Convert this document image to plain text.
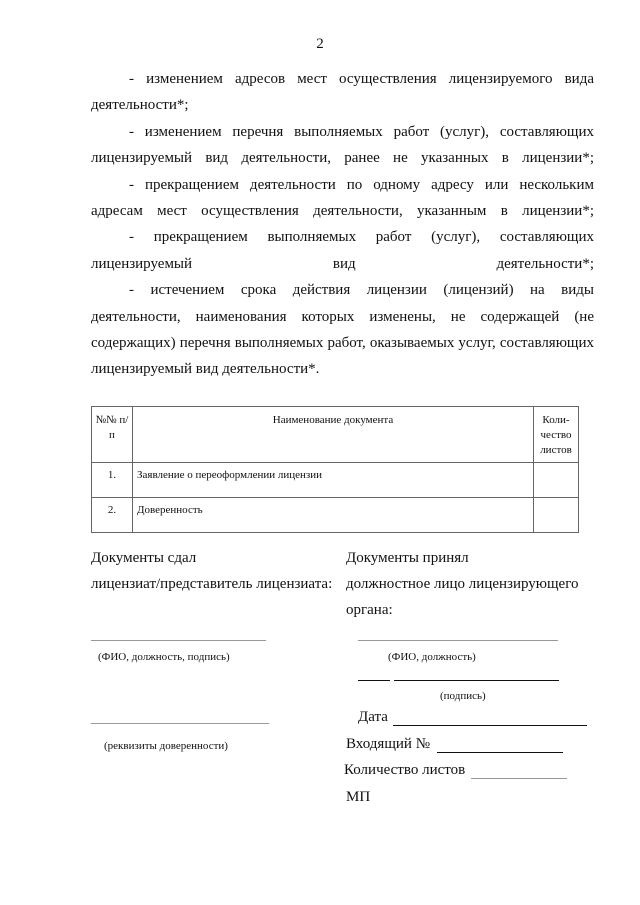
2

- изменением адресов мест осуществления лицензируемого вида деятельности*;

- изменением перечня выполняемых работ (услуг), составляющих лицензируемый вид деятельности, ранее не указанных в лицензии*;

- прекращением деятельности по одному адресу или нескольким адресам мест осуществления деятельности, указанным в лицензии*;

- прекращением выполняемых работ (услуг), составляющих лицензируемый вид деятельности*;

- истечением срока действия лицензии (лицензий) на виды деятельности, наименования которых изменены, не содержащей (не содержащих) перечня выполняемых работ, оказываемых услуг, составляющих лицензируемый вид деятельности*.

№№ п/п	Наименование документа	Коли-чество листов
1.	Заявление о переоформлении лицензии	
2.	Доверенность	
Документы сдал
лицензиат/представитель лицензиата:
(ФИО, должность, подпись)
(реквизиты доверенности)
Документы принял
должностное лицо лицензирующего
органа:
(ФИО, должность)
(подпись)
Дата
Входящий №
Количество листов
МП
